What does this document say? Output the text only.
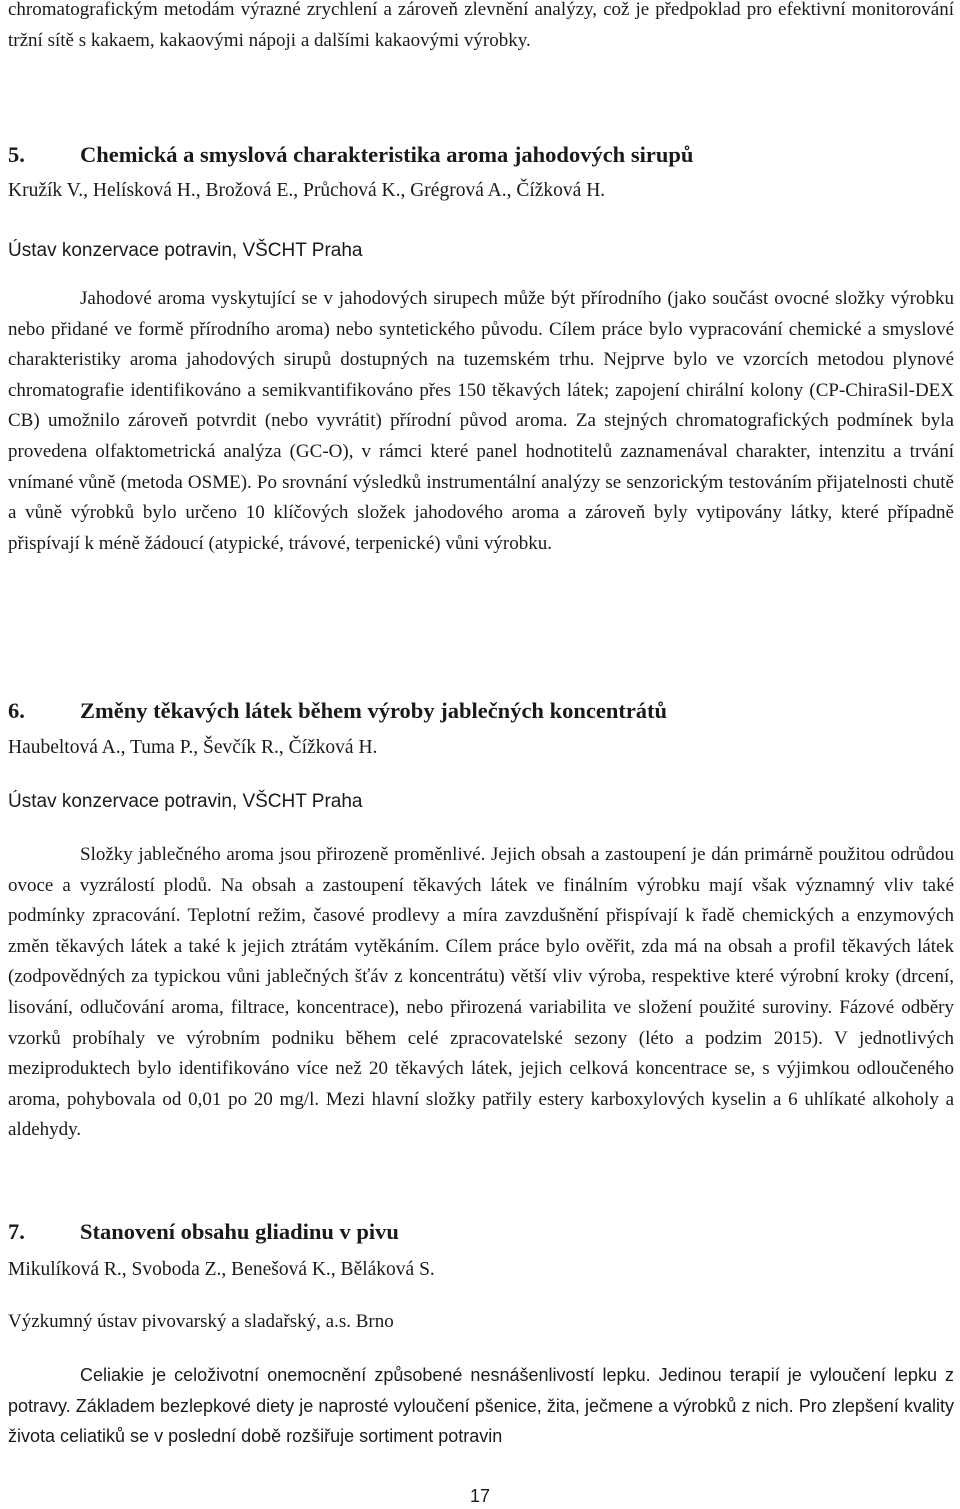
chromatografickým metodám výrazné zrychlení a zároveň zlevnění analýzy, což je předpoklad pro efektivní monitorování tržní sítě s kakaem, kakaovými nápoji a dalšími kakaovými výrobky.

5. Chemická a smyslová charakteristika aroma jahodových sirupů

Kružík V., Helísková H., Brožová E., Průchová K., Grégrová A., Čížková H.

Ústav konzervace potravin, VŠCHT Praha

Jahodové aroma vyskytující se v jahodových sirupech může být přírodního (jako součást ovocné složky výrobku nebo přidané ve formě přírodního aroma) nebo syntetického původu. Cílem práce bylo vypracování chemické a smyslové charakteristiky aroma jahodových sirupů dostupných na tuzemském trhu. Nejprve bylo ve vzorcích metodou plynové chromatografie identifikováno a semikvantifikováno přes 150 těkavých látek; zapojení chirální kolony (CP-ChiraSil-DEX CB) umožnilo zároveň potvrdit (nebo vyvrátit) přírodní původ aroma. Za stejných chromatografických podmínek byla provedena olfaktometrická analýza (GC-O), v rámci které panel hodnotitelů zaznamenával charakter, intenzitu a trvání vnímané vůně (metoda OSME). Po srovnání výsledků instrumentální analýzy se senzorickým testováním přijatelnosti chutě a vůně výrobků bylo určeno 10 klíčových složek jahodového aroma a zároveň byly vytipovány látky, které případně přispívají k méně žádoucí (atypické, trávové, terpenické) vůni výrobku.

6. Změny těkavých látek během výroby jablečných koncentrátů

Haubeltová A., Tuma P., Ševčík R., Čížková H.

Ústav konzervace potravin, VŠCHT Praha

Složky jablečného aroma jsou přirozeně proměnlivé. Jejich obsah a zastoupení je dán primárně použitou odrůdou ovoce a vyzrálostí plodů. Na obsah a zastoupení těkavých látek ve finálním výrobku mají však významný vliv také podmínky zpracování. Teplotní režim, časové prodlevy a míra zavzdušnění přispívají k řadě chemických a enzymových změn těkavých látek a také k jejich ztrátám vytěkáním. Cílem práce bylo ověřit, zda má na obsah a profil těkavých látek (zodpovědných za typickou vůni jablečných šťáv z koncentrátu) větší vliv výroba, respektive které výrobní kroky (drcení, lisování, odlučování aroma, filtrace, koncentrace), nebo přirozená variabilita ve složení použité suroviny. Fázové odběry vzorků probíhaly ve výrobním podniku během celé zpracovatelské sezony (léto a podzim 2015). V jednotlivých meziproduktech bylo identifikováno více než 20 těkavých látek, jejich celková koncentrace se, s výjimkou odloučeného aroma, pohybovala od 0,01 po 20 mg/l. Mezi hlavní složky patřily estery karboxylových kyselin a 6 uhlíkaté alkoholy a aldehydy.

7. Stanovení obsahu gliadinu v pivu

Mikulíková R., Svoboda Z., Benešová K., Běláková S.

Výzkumný ústav pivovarský a sladařský, a.s. Brno

Celiakie je celoživotní onemocnění způsobené nesnášenlivostí lepku. Jedinou terapií je vyloučení lepku z potravy. Základem bezlepkové diety je naprosté vyloučení pšenice, žita, ječmene a výrobků z nich. Pro zlepšení kvality života celiatiků se v poslední době rozšiřuje sortiment potravin

17
